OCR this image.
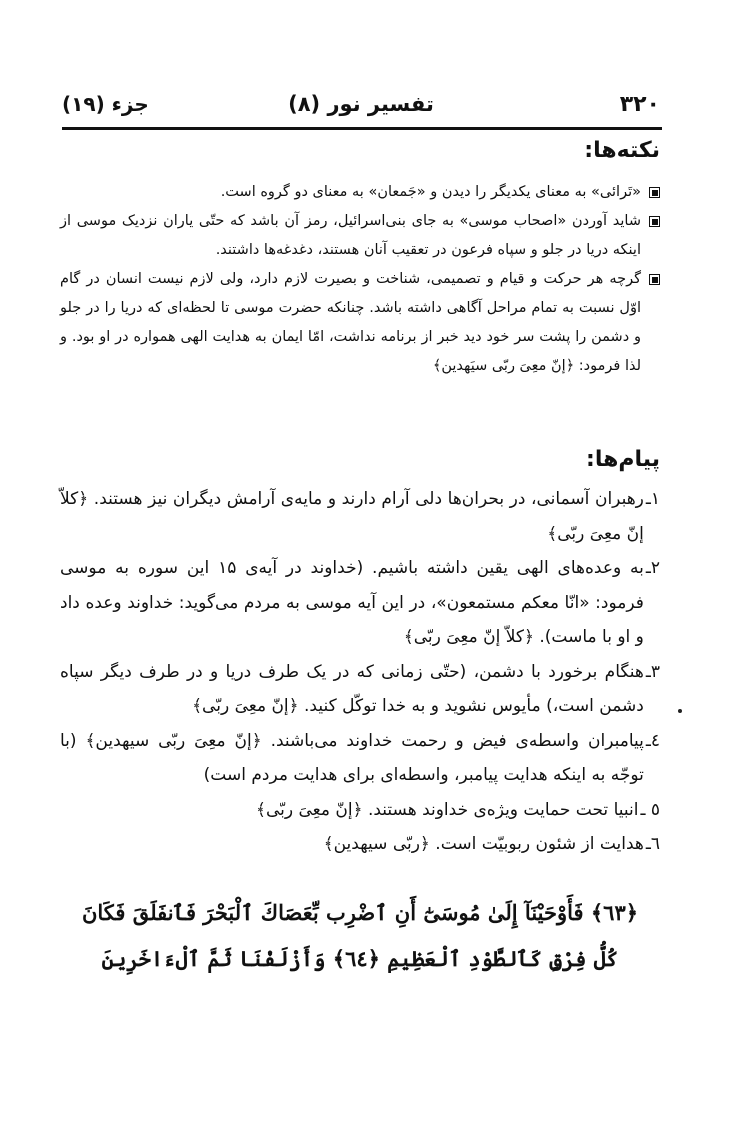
۳۲۰
تفسیر نور (۸)
جزء (۱۹)
نکته‌ها:
«تَرائی» به معنای یکدیگر را دیدن و «جَمعان» به معنای دو گروه است.
شاید آوردن «اصحاب موسی» به جای بنی‌اسرائیل، رمز آن باشد که حتّی یاران نزدیک موسی از اینکه دریا در جلو و سپاه فرعون در تعقیب آنان هستند، دغدغه‌ها داشتند.
گرچه هر حرکت و قیام و تصمیمی، شناخت و بصیرت لازم دارد، ولی لازم نیست انسان در گام اوّل نسبت به تمام مراحل آگاهی داشته باشد. چنانکه حضرت موسی تا لحظه‌ای که دریا را در جلو و دشمن را پشت سر خود دید خبر از برنامه نداشت، امّا ایمان به هدایت الهی همواره در او بود. و لذا فرمود: ﴿إنّ معِیَ ربّی سیَهدین﴾
پیام‌ها:
۱ـ
رهبران آسمانی، در بحران‌ها دلی آرام دارند و مایه‌ی آرامش دیگران نیز هستند. ﴿کلاّ إنّ معِیَ ربّی﴾
۲ـ
به وعده‌های الهی یقین داشته باشیم. (خداوند در آیه‌ی ۱۵ این سوره به موسی فرمود: «انّا معکم مستمعون»، در این آیه موسی به مردم می‌گوید: خداوند وعده داد و او با ماست). ﴿کلاّ إنّ معِیَ ربّی﴾
۳ـ
هنگام برخورد با دشمن، (حتّی زمانی که در یک طرف دریا و در طرف دیگر سپاه دشمن است،) مأیوس نشوید و به خدا توکّل کنید. ﴿إنّ معِیَ ربّی﴾
٤ـ
پیامبران واسطه‌ی فیض و رحمت خداوند می‌باشند. ﴿إنّ معِیَ ربّی سیهدین﴾ (با توجّه به اینکه هدایت پیامبر، واسطه‌ای برای هدایت مردم است)
٥ ـ
انبیا تحت حمایت ویژه‌ی خداوند هستند. ﴿إنّ معِیَ ربّی﴾
٦ـ
هدایت از شئون ربوبیّت است. ﴿ربّی سیهدین﴾
﴿٦٣﴾ فَأَوْحَيْنَآ إِلَىٰ مُوسَىٰٓ أَنِ ٱضْرِب بِّعَصَاكَ ٱلْبَحْرَ فَٱنفَلَقَ فَكَانَ
كُلُّ فِرْقٍ كَٱلطَّوْدِ ٱلْعَظِيمِ ﴿٦٤﴾ وَأَزْلَفْنَا ثَمَّ ٱلْءَاخَرِينَ
